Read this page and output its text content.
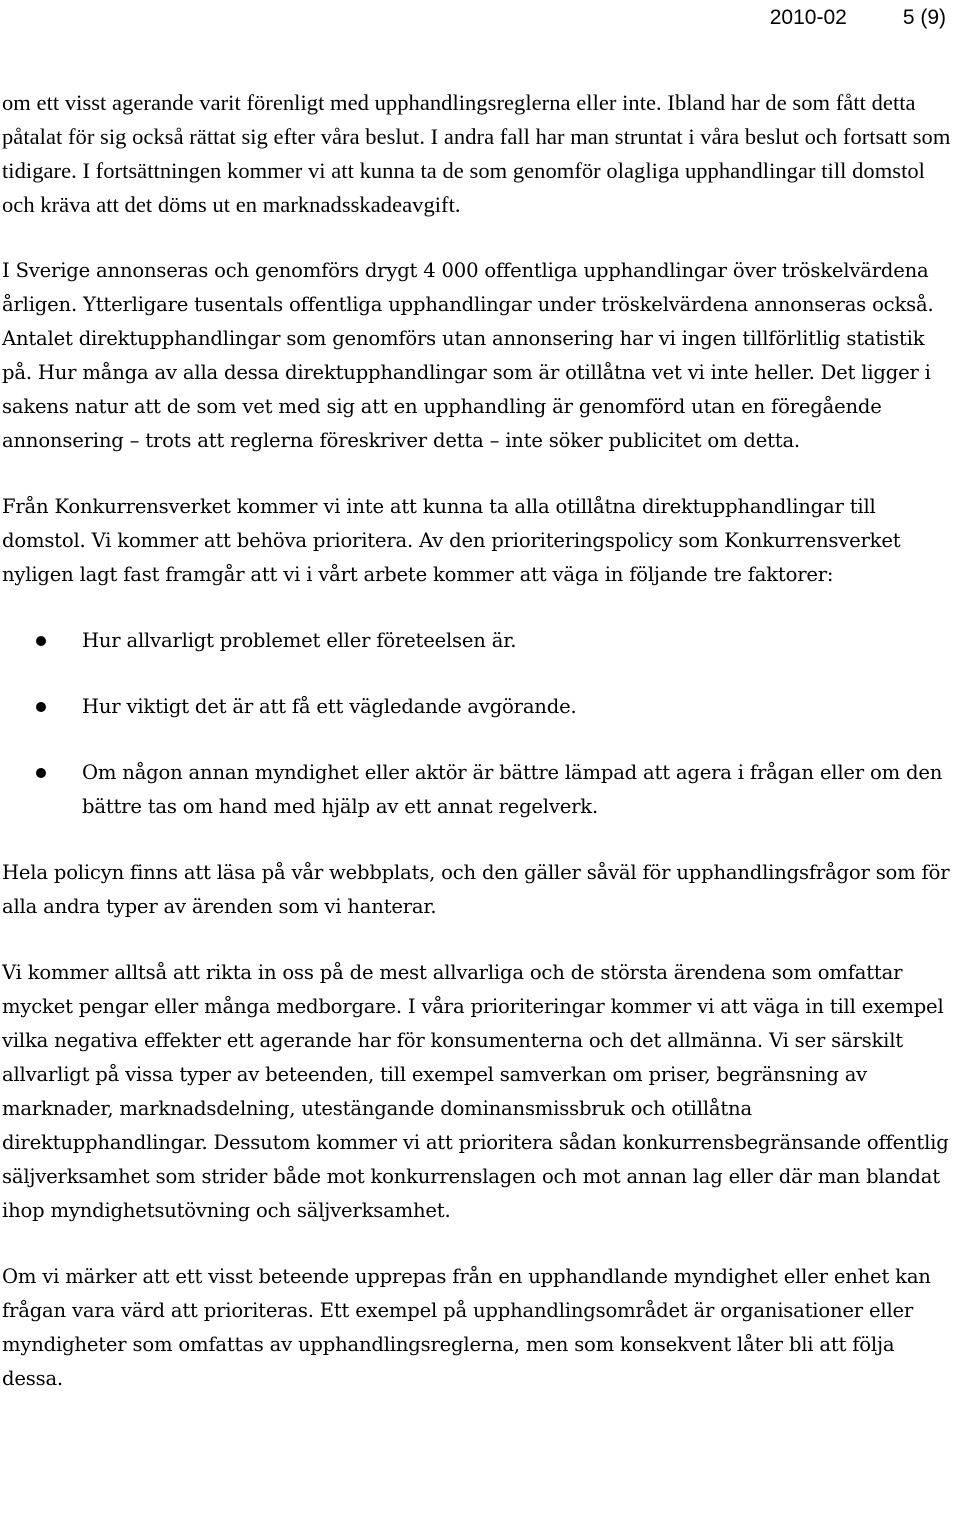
2010-02	5 (9)

om ett visst agerande varit förenligt med upphandlingsreglerna eller inte. Ibland har de som fått detta påtalat för sig också rättat sig efter våra beslut. I andra fall har man struntat i våra beslut och fortsatt som tidigare. I fortsättningen kommer vi att kunna ta de som genomför olagliga upphandlingar till domstol och kräva att det döms ut en marknadsskadeavgift.

I Sverige annonseras och genomförs drygt 4 000 offentliga upphandlingar över tröskelvärdena årligen. Ytterligare tusentals offentliga upphandlingar under tröskelvärdena annonseras också. Antalet direktupphandlingar som genomförs utan annonsering har vi ingen tillförlitlig statistik på. Hur många av alla dessa direktupphandlingar som är otillåtna vet vi inte heller. Det ligger i sakens natur att de som vet med sig att en upphandling är genomförd utan en föregående annonsering – trots att reglerna föreskriver detta – inte söker publicitet om detta.

Från Konkurrensverket kommer vi inte att kunna ta alla otillåtna direktupphandlingar till domstol. Vi kommer att behöva prioritera. Av den prioriteringspolicy som Konkurrensverket nyligen lagt fast framgår att vi i vårt arbete kommer att väga in följande tre faktorer:

Hur allvarligt problemet eller företeelsen är.
Hur viktigt det är att få ett vägledande avgörande.
Om någon annan myndighet eller aktör är bättre lämpad att agera i frågan eller om den bättre tas om hand med hjälp av ett annat regelverk.

Hela policyn finns att läsa på vår webbplats, och den gäller såväl för upphandlingsfrågor som för alla andra typer av ärenden som vi hanterar.

Vi kommer alltså att rikta in oss på de mest allvarliga och de största ärendena som omfattar mycket pengar eller många medborgare. I våra prioriteringar kommer vi att väga in till exempel vilka negativa effekter ett agerande har för konsumenterna och det allmänna. Vi ser särskilt allvarligt på vissa typer av beteenden, till exempel samverkan om priser, begränsning av marknader, marknadsdelning, utestängande dominansmissbruk och otillåtna direktupphandlingar. Dessutom kommer vi att prioritera sådan konkurrensbegränsande offentlig säljverksamhet som strider både mot konkurrenslagen och mot annan lag eller där man blandat ihop myndighetsutövning och säljverksamhet.

Om vi märker att ett visst beteende upprepas från en upphandlande myndighet eller enhet kan frågan vara värd att prioriteras. Ett exempel på upphandlingsområdet är organisationer eller myndigheter som omfattas av upphandlingsreglerna, men som konsekvent låter bli att följa dessa.
